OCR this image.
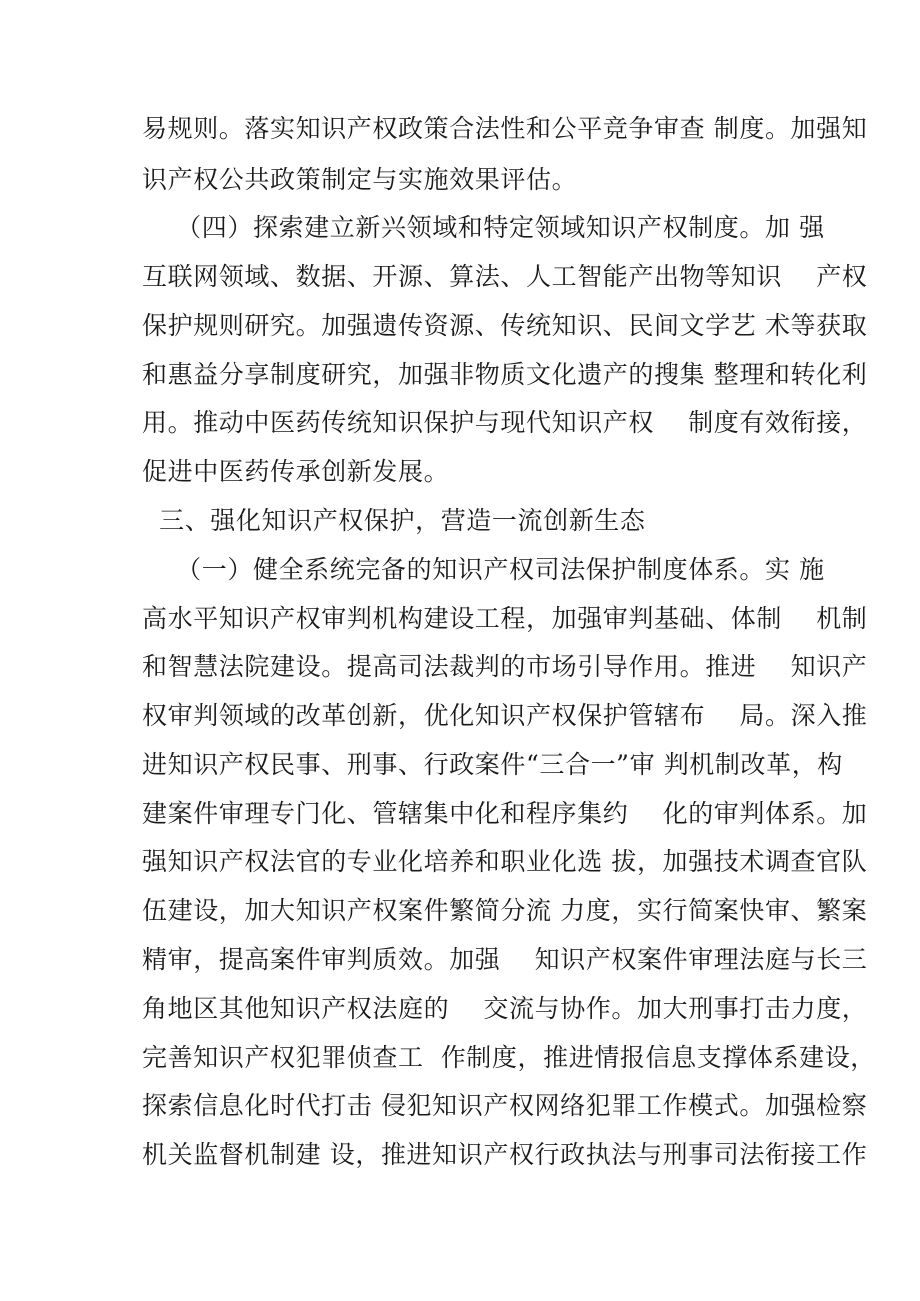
易规则。落实知识产权政策合法性和公平竞争审查 制度。加强知
识产权公共政策制定与实施效果评估。
（四）探索建立新兴领域和特定领域知识产权制度。加 强
互联网领域、数据、开源、算法、人工智能产出物等知识    产权
保护规则研究。加强遗传资源、传统知识、民间文学艺 术等获取
和惠益分享制度研究，加强非物质文化遗产的搜集 整理和转化利
用。推动中医药传统知识保护与现代知识产权    制度有效衔接，
促进中医药传承创新发展。
三、强化知识产权保护，营造一流创新生态
（一）健全系统完备的知识产权司法保护制度体系。实 施
高水平知识产权审判机构建设工程，加强审判基础、体制    机制
和智慧法院建设。提高司法裁判的市场引导作用。推进    知识产
权审判领域的改革创新，优化知识产权保护管辖布    局。深入推
进知识产权民事、刑事、行政案件“三合一”审 判机制改革，构
建案件审理专门化、管辖集中化和程序集约    化的审判体系。加
强知识产权法官的专业化培养和职业化选 拔，加强技术调查官队
伍建设，加大知识产权案件繁简分流 力度，实行简案快审、繁案
精审，提高案件审判质效。加强    知识产权案件审理法庭与长三
角地区其他知识产权法庭的    交流与协作。加大刑事打击力度，
完善知识产权犯罪侦查工  作制度，推进情报信息支撑体系建设，
探索信息化时代打击 侵犯知识产权网络犯罪工作模式。加强检察
机关监督机制建 设，推进知识产权行政执法与刑事司法衔接工作
